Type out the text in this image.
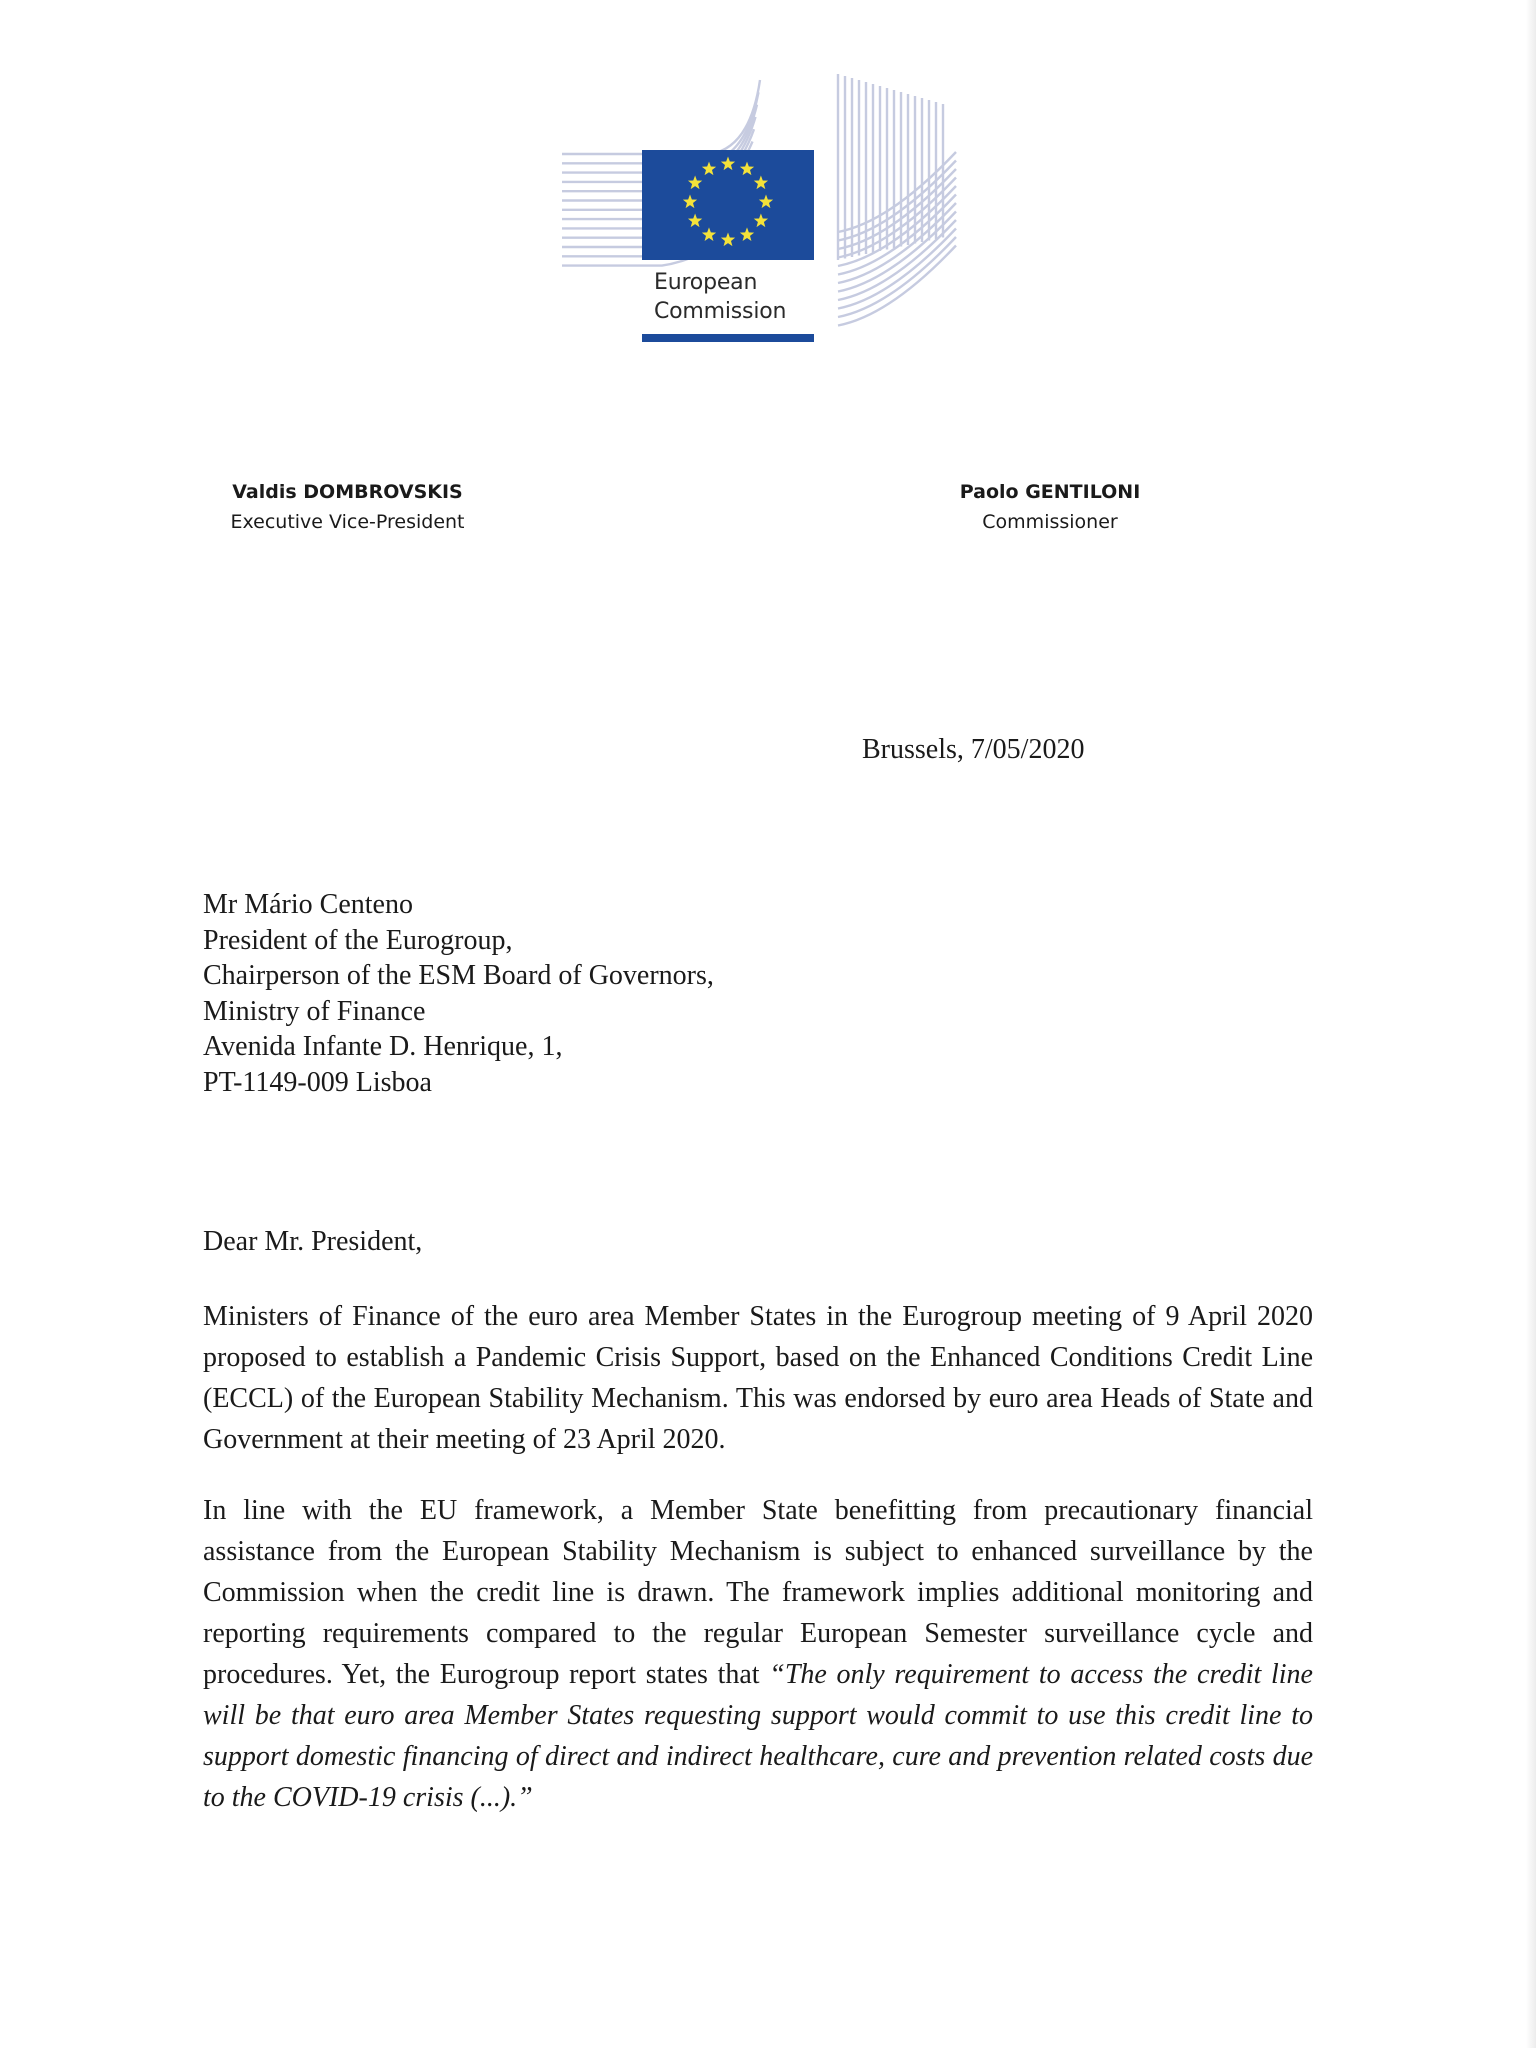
European
Commission
Valdis DOMBROVSKIS
Executive Vice-President
Paolo GENTILONI
Commissioner
Brussels, 7/05/2020
Mr Mário Centeno
President of the Eurogroup,
Chairperson of the ESM Board of Governors,
Ministry of Finance
Avenida Infante D. Henrique, 1,
PT-1149-009 Lisboa
Dear Mr. President,

Ministers of Finance of the euro area Member States in the Eurogroup meeting of 9 April 2020 proposed to establish a Pandemic Crisis Support, based on the Enhanced Conditions Credit Line (ECCL) of the European Stability Mechanism. This was endorsed by euro area Heads of State and Government at their meeting of 23 April 2020.

In line with the EU framework, a Member State benefitting from precautionary financial assistance from the European Stability Mechanism is subject to enhanced surveillance by the Commission when the credit line is drawn. The framework implies additional monitoring and reporting requirements compared to the regular European Semester surveillance cycle and procedures. Yet, the Eurogroup report states that “The only requirement to access the credit line will be that euro area Member States requesting support would commit to use this credit line to support domestic financing of direct and indirect healthcare, cure and prevention related costs due to the COVID-19 crisis (...).”
